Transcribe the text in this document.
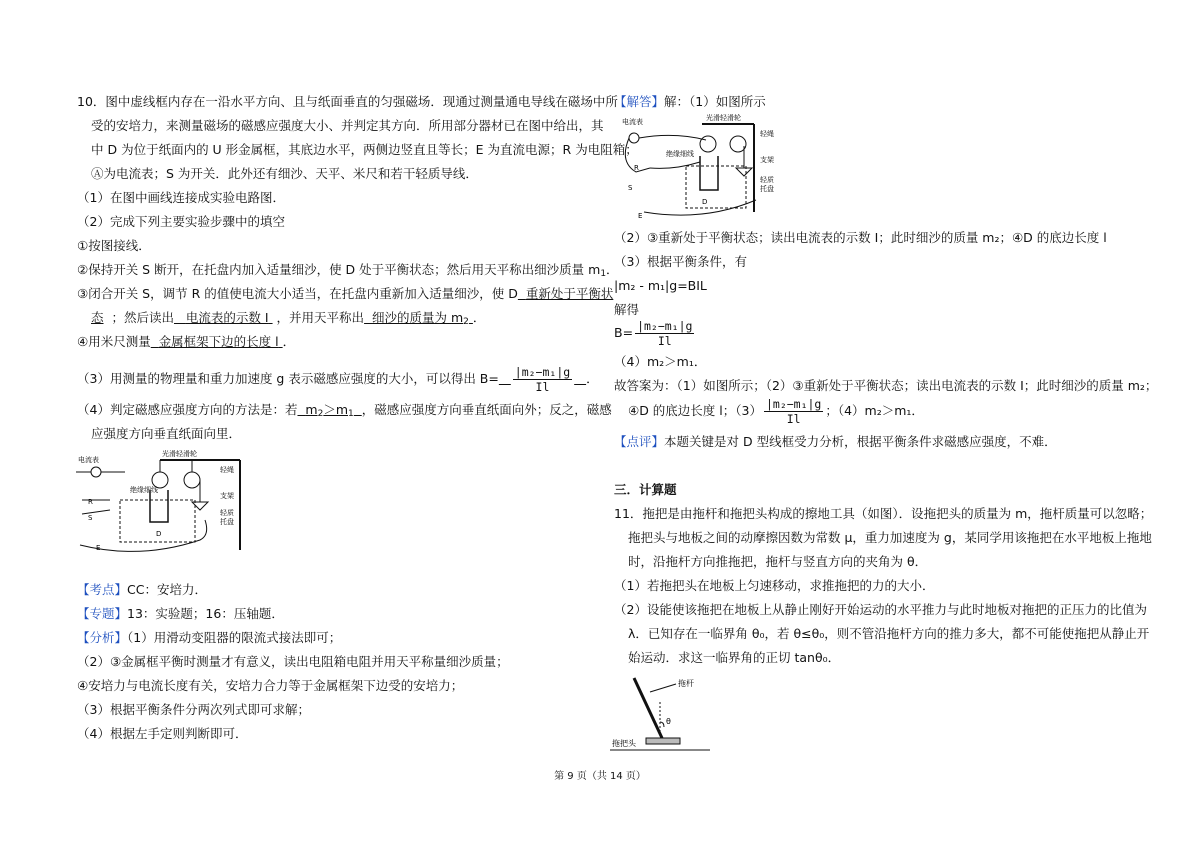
10．图中虚线框内存在一沿水平方向、且与纸面垂直的匀强磁场．现通过测量通电导线在磁场中所
受的安培力，来测量磁场的磁感应强度大小、并判定其方向．所用部分器材已在图中给出，其
中 D 为位于纸面内的 U 形金属框，其底边水平，两侧边竖直且等长；E 为直流电源；R 为电阻箱；
Ⓐ为电流表；S 为开关．此外还有细沙、天平、米尺和若干轻质导线．
（1）在图中画线连接成实验电路图．
（2）完成下列主要实验步骤中的填空
①按图接线．
②保持开关 S 断开，在托盘内加入适量细沙，使 D 处于平衡状态；然后用天平称出细沙质量 $m_1$．
③闭合开关 S，调节 R 的值使电流大小适当，在托盘内重新加入适量细沙，使 D 重新处于平衡状
态 ；然后读出 电流表的示数 I ，并用天平称出 细沙的质量为 $m_2$ ．
④用米尺测量 金属框架下边的长度 l ．
（3）用测量的物理量和重力加速度 g 表示磁感应强度的大小，可以得出 $B= \frac{\text{|m₂−m₁|g}}{Il}$ ．
（4）判定磁感应强度方向的方法是：若 $m_2>m_1$ ，磁感应强度方向垂直纸面向外；反之，磁感
应强度方向垂直纸面向里．
电流表
光滑轻滑轮
轻绳
绝缘细线
支架
轻质
托盘
D
R
S
E
【考点】CC：安培力．
【专题】13：实验题；16：压轴题．
【分析】（1）用滑动变阻器的限流式接法即可；
（2）③金属框平衡时测量才有意义，读出电阻箱电阻并用天平称量细沙质量；
④安培力与电流长度有关，安培力合力等于金属框架下边受的安培力；
（3）根据平衡条件分两次列式即可求解；
（4）根据左手定则判断即可．
【解答】解：（1）如图所示
电流表	光滑轻滑轮
轻绳
绝缘细线
支架
轻质
托盘
D
R
S
E
（2）③重新处于平衡状态；读出电流表的示数 I；此时细沙的质量 m₂；④D 的底边长度 l
（3）根据平衡条件，有
|m₂ - m₁|g=BIL
解得
$B= \frac{\text{|m₂−m₁|g}}{Il}$
（4）m₂＞m₁．
故答案为：（1）如图所示；（2）③重新处于平衡状态；读出电流表的示数 I；此时细沙的质量 m₂；
④D 的底边长度 l；$(3) \frac{\text{|m₂−m₁|g}}{Il}$ ；（4）m₂＞m₁．
【点评】本题关键是对 D 型线框受力分析，根据平衡条件求磁感应强度，不难．
三．计算题
11．拖把是由拖杆和拖把头构成的擦地工具（如图）．设拖把头的质量为 m，拖杆质量可以忽略；
拖把头与地板之间的动摩擦因数为常数 μ，重力加速度为 g，某同学用该拖把在水平地板上拖地
时，沿拖杆方向推拖把，拖杆与竖直方向的夹角为 θ．
（1）若拖把头在地板上匀速移动，求推拖把的力的大小．
（2）设能使该拖把在地板上从静止刚好开始运动的水平推力与此时地板对拖把的正压力的比值为
λ．已知存在一临界角 θ₀，若 θ≤θ₀，则不管沿拖杆方向的推力多大，都不可能使拖把从静止开
始运动．求这一临界角的正切 tanθ₀．
θ
拖杆
拖把头
第 9 页（共 14 页）
